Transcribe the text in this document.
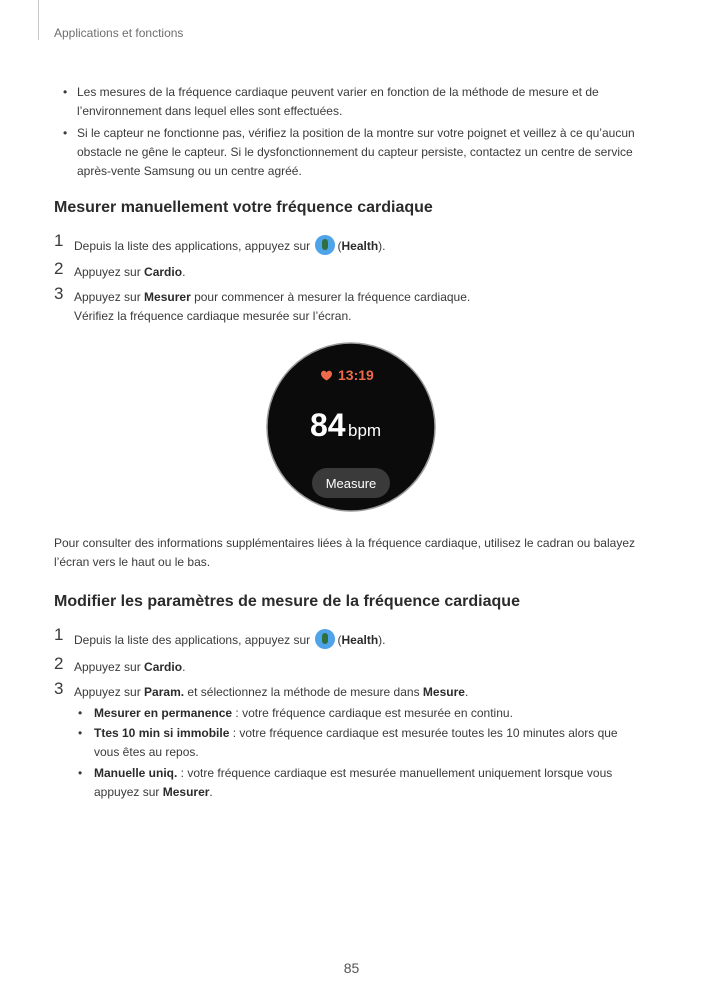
Applications et fonctions
• Les mesures de la fréquence cardiaque peuvent varier en fonction de la méthode de mesure et de l’environnement dans lequel elles sont effectuées.
• Si le capteur ne fonctionne pas, vérifiez la position de la montre sur votre poignet et veillez à ce qu’aucun obstacle ne gêne le capteur. Si le dysfonctionnement du capteur persiste, contactez un centre de service après-vente Samsung ou un centre agréé.
Mesurer manuellement votre fréquence cardiaque
1 Depuis la liste des applications, appuyez sur (Health).
2 Appuyez sur Cardio.
3 Appuyez sur Mesurer pour commencer à mesurer la fréquence cardiaque.
Vérifiez la fréquence cardiaque mesurée sur l’écran.
13:19
84 bpm
Measure
Pour consulter des informations supplémentaires liées à la fréquence cardiaque, utilisez le cadran ou balayez l’écran vers le haut ou le bas.
Modifier les paramètres de mesure de la fréquence cardiaque
1 Depuis la liste des applications, appuyez sur (Health).
2 Appuyez sur Cardio.
3 Appuyez sur Param. et sélectionnez la méthode de mesure dans Mesure.
• Mesurer en permanence : votre fréquence cardiaque est mesurée en continu.
• Ttes 10 min si immobile : votre fréquence cardiaque est mesurée toutes les 10 minutes alors que vous êtes au repos.
• Manuelle uniq. : votre fréquence cardiaque est mesurée manuellement uniquement lorsque vous appuyez sur Mesurer.
85
